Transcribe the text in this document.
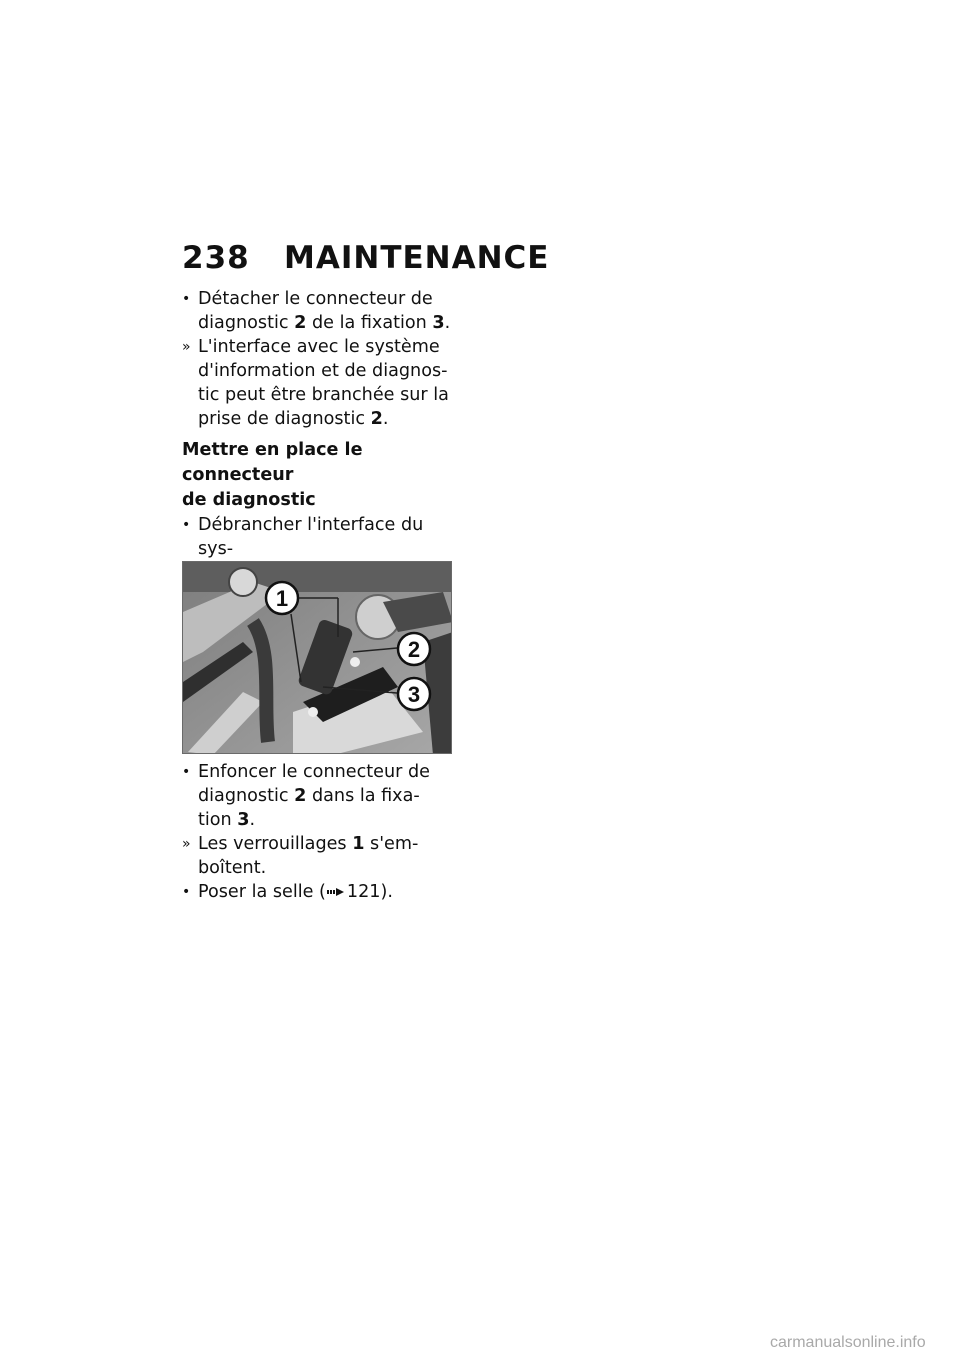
238 MAINTENANCE
• Détacher le connecteur de

diagnostic 2 de la fixation 3.

» L'interface avec le système

d'information et de diagnos-

tic peut être branchée sur la

prise de diagnostic 2.

Mettre en place le connecteur
de diagnostic

• Débrancher l'interface du sys-

1
2
3
• Enfoncer le connecteur de

diagnostic 2 dans la fixa-

tion 3.

» Les verrouillages 1 s'em-

boîtent.

• Poser la selle ( 121).

carmanualsonline.info
